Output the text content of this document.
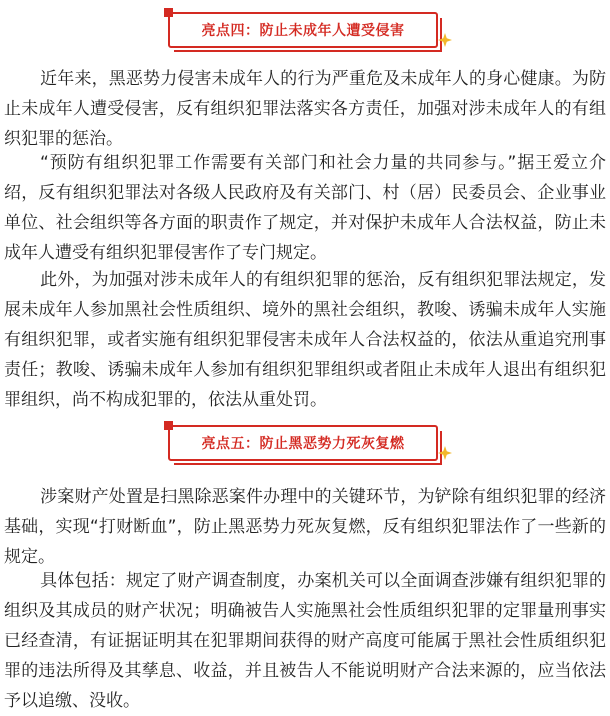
亮点四：防止未成年人遭受侵害

近年来，黑恶势力侵害未成年人的行为严重危及未成年人的身心健康。为防止未成年人遭受侵害，反有组织犯罪法落实各方责任，加强对涉未成年人的有组织犯罪的惩治。

“预防有组织犯罪工作需要有关部门和社会力量的共同参与。”据王爱立介绍，反有组织犯罪法对各级人民政府及有关部门、村（居）民委员会、企业事业单位、社会组织等各方面的职责作了规定，并对保护未成年人合法权益，防止未成年人遭受有组织犯罪侵害作了专门规定。

此外，为加强对涉未成年人的有组织犯罪的惩治，反有组织犯罪法规定，发展未成年人参加黑社会性质组织、境外的黑社会组织，教唆、诱骗未成年人实施有组织犯罪，或者实施有组织犯罪侵害未成年人合法权益的，依法从重追究刑事责任；教唆、诱骗未成年人参加有组织犯罪组织或者阻止未成年人退出有组织犯罪组织，尚不构成犯罪的，依法从重处罚。

亮点五：防止黑恶势力死灰复燃

涉案财产处置是扫黑除恶案件办理中的关键环节，为铲除有组织犯罪的经济基础，实现“打财断血”，防止黑恶势力死灰复燃，反有组织犯罪法作了一些新的规定。

具体包括：规定了财产调查制度，办案机关可以全面调查涉嫌有组织犯罪的组织及其成员的财产状况；明确被告人实施黑社会性质组织犯罪的定罪量刑事实已经查清，有证据证明其在犯罪期间获得的财产高度可能属于黑社会性质组织犯罪的违法所得及其孳息、收益，并且被告人不能说明财产合法来源的，应当依法予以追缴、没收。
